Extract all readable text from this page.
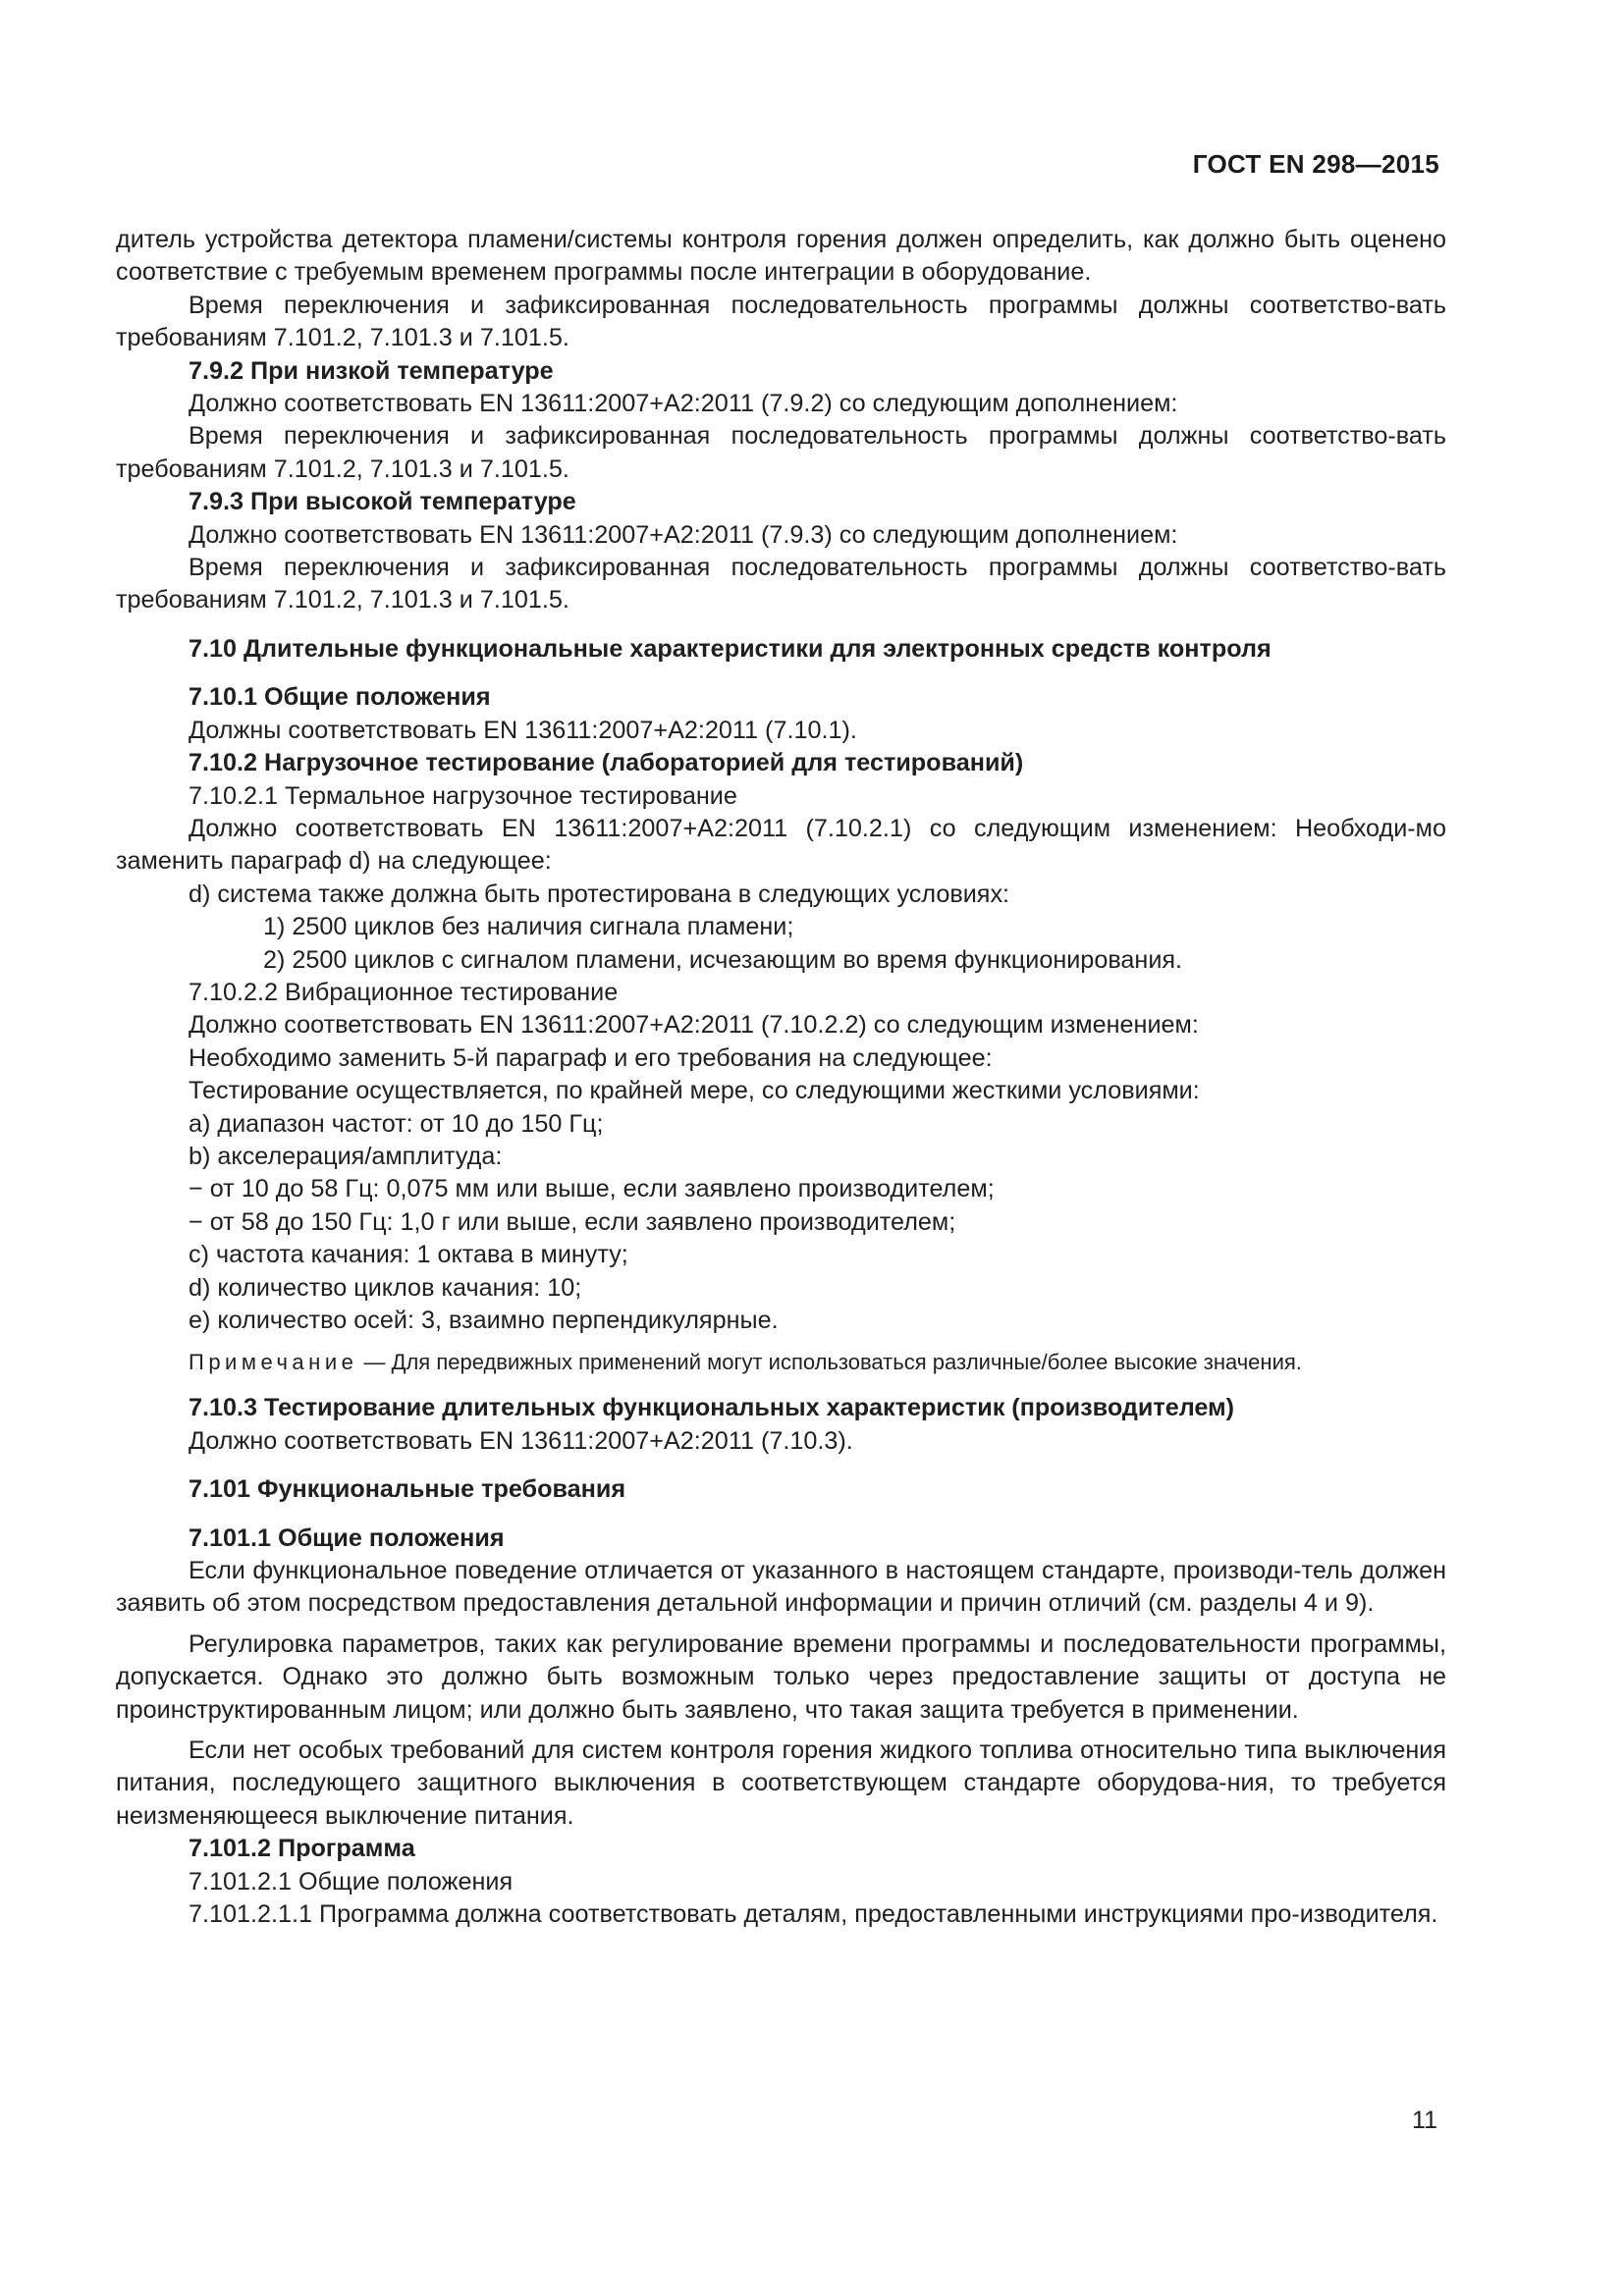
ГОСТ EN 298—2015

дитель устройства детектора пламени/системы контроля горения должен определить, как должно быть оценено соответствие с требуемым временем программы после интеграции в оборудование.

Время переключения и зафиксированная последовательность программы должны соответство-вать требованиям 7.101.2, 7.101.3 и 7.101.5.

7.9.2 При низкой температуре

Должно соответствовать EN 13611:2007+A2:2011 (7.9.2) со следующим дополнением:

Время переключения и зафиксированная последовательность программы должны соответство-вать требованиям 7.101.2, 7.101.3 и 7.101.5.

7.9.3 При высокой температуре

Должно соответствовать EN 13611:2007+A2:2011 (7.9.3) со следующим дополнением:

Время переключения и зафиксированная последовательность программы должны соответство-вать требованиям 7.101.2, 7.101.3 и 7.101.5.

7.10 Длительные функциональные характеристики для электронных средств контроля

7.10.1 Общие положения

Должны соответствовать EN 13611:2007+A2:2011 (7.10.1).

7.10.2 Нагрузочное тестирование (лабораторией для тестирований)

7.10.2.1 Термальное нагрузочное тестирование

Должно соответствовать EN 13611:2007+A2:2011 (7.10.2.1) со следующим изменением: Необходи-мо заменить параграф d) на следующее:

d) система также должна быть протестирована в следующих условиях:

1) 2500 циклов без наличия сигнала пламени;

2) 2500 циклов с сигналом пламени, исчезающим во время функционирования.

7.10.2.2 Вибрационное тестирование

Должно соответствовать EN 13611:2007+A2:2011 (7.10.2.2) со следующим изменением:

Необходимо заменить 5-й параграф и его требования на следующее:

Тестирование осуществляется, по крайней мере, со следующими жесткими условиями:

a) диапазон частот: от 10 до 150 Гц;

b) акселерация/амплитуда:

− от 10 до 58 Гц: 0,075 мм или выше, если заявлено производителем;

− от 58 до 150 Гц: 1,0 г или выше, если заявлено производителем;

c) частота качания: 1 октава в минуту;

d) количество циклов качания: 10;

e) количество осей: 3, взаимно перпендикулярные.

Примечание — Для передвижных применений могут использоваться различные/более высокие значения.

7.10.3 Тестирование длительных функциональных характеристик (производителем)

Должно соответствовать EN 13611:2007+A2:2011 (7.10.3).

7.101 Функциональные требования

7.101.1 Общие положения

Если функциональное поведение отличается от указанного в настоящем стандарте, производи-тель должен заявить об этом посредством предоставления детальной информации и причин отличий (см. разделы 4 и 9).

Регулировка параметров, таких как регулирование времени программы и последовательности программы, допускается. Однако это должно быть возможным только через предоставление защиты от доступа не проинструктированным лицом; или должно быть заявлено, что такая защита требуется в применении.

Если нет особых требований для систем контроля горения жидкого топлива относительно типа выключения питания, последующего защитного выключения в соответствующем стандарте оборудова-ния, то требуется неизменяющееся выключение питания.

7.101.2 Программа

7.101.2.1 Общие положения

7.101.2.1.1 Программа должна соответствовать деталям, предоставленными инструкциями про-изводителя.

11
